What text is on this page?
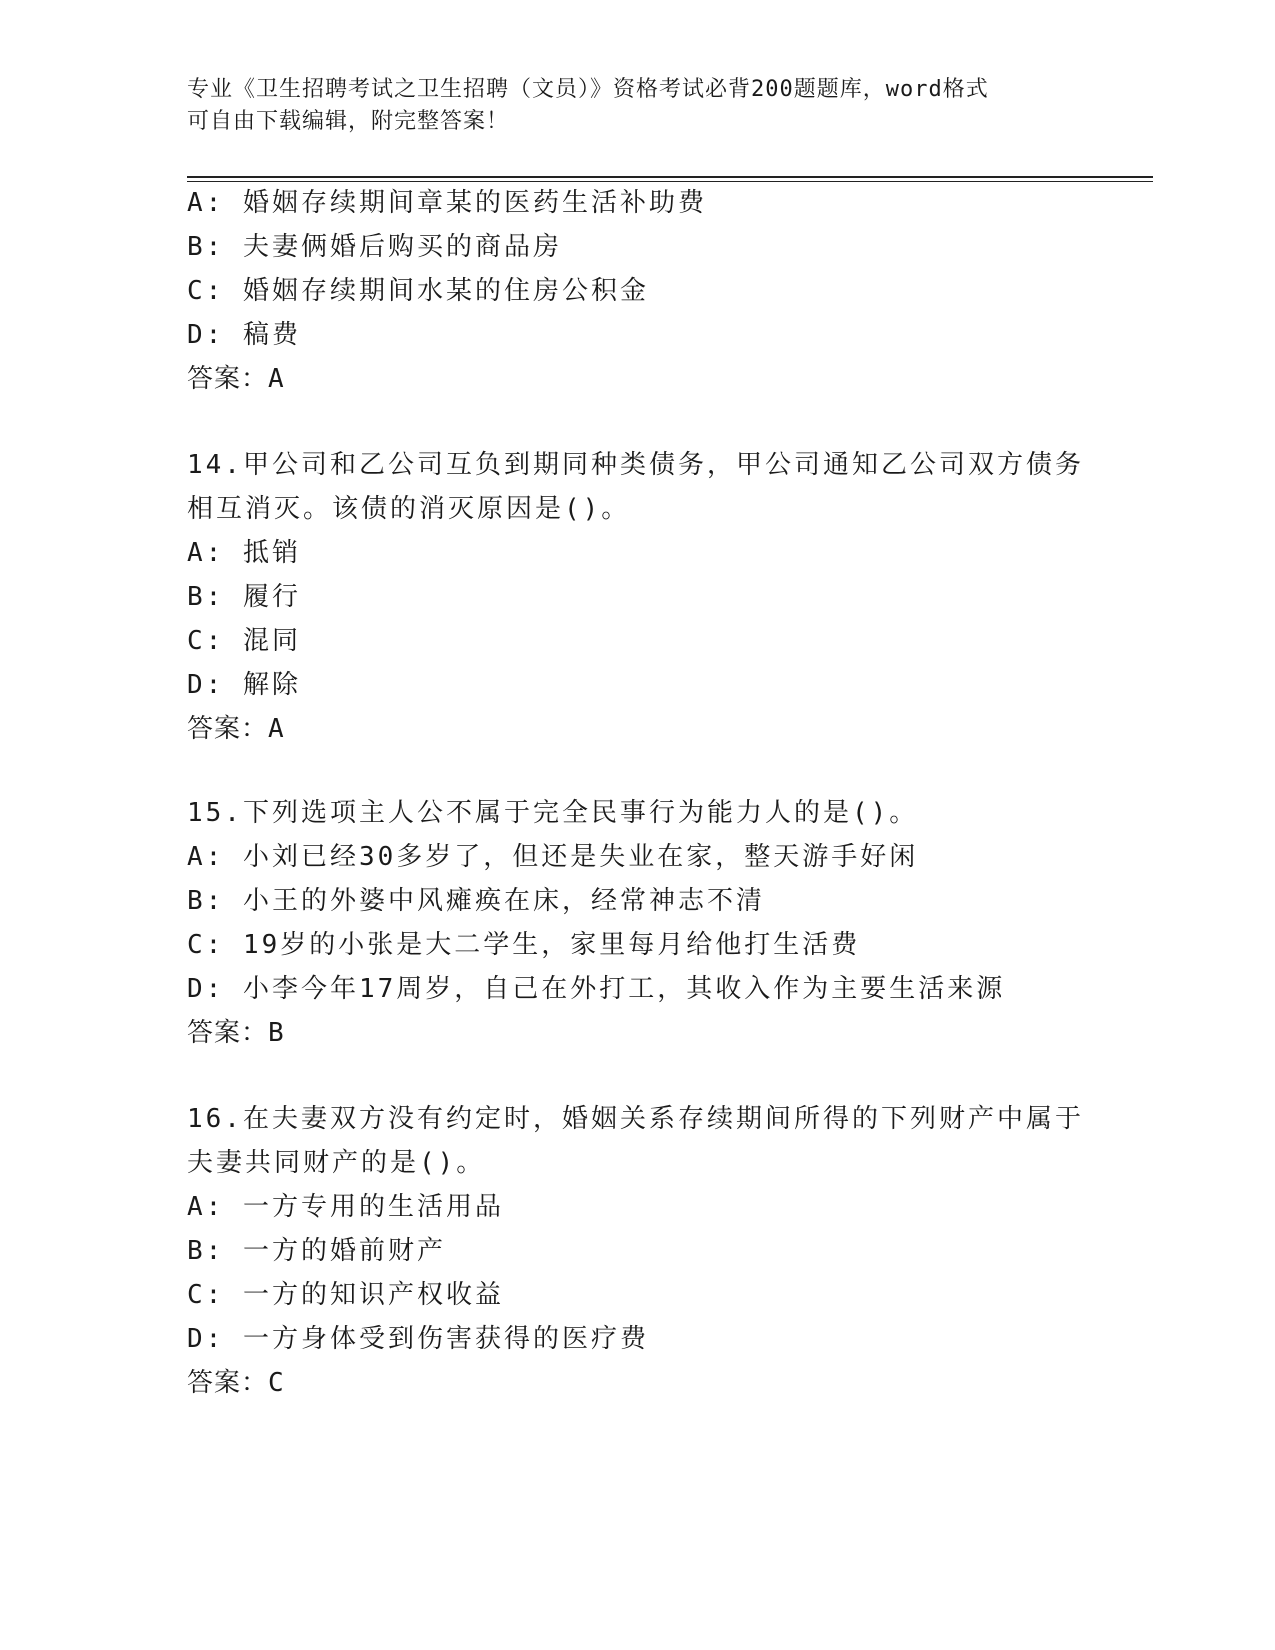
专业《卫生招聘考试之卫生招聘（文员）》资格考试必背200题题库，word格式
可自由下载编辑，附完整答案！
A: 婚姻存续期间章某的医药生活补助费
B: 夫妻俩婚后购买的商品房
C: 婚姻存续期间水某的住房公积金
D: 稿费
答案：A
14.甲公司和乙公司互负到期同种类债务，甲公司通知乙公司双方债务
相互消灭。该债的消灭原因是()。
A: 抵销
B: 履行
C: 混同
D: 解除
答案：A
15.下列选项主人公不属于完全民事行为能力人的是()。
A: 小刘已经30多岁了，但还是失业在家，整天游手好闲
B: 小王的外婆中风瘫痪在床，经常神志不清
C: 19岁的小张是大二学生，家里每月给他打生活费
D: 小李今年17周岁，自己在外打工，其收入作为主要生活来源
答案：B
16.在夫妻双方没有约定时，婚姻关系存续期间所得的下列财产中属于
夫妻共同财产的是()。
A: 一方专用的生活用品
B: 一方的婚前财产
C: 一方的知识产权收益
D: 一方身体受到伤害获得的医疗费
答案：C
